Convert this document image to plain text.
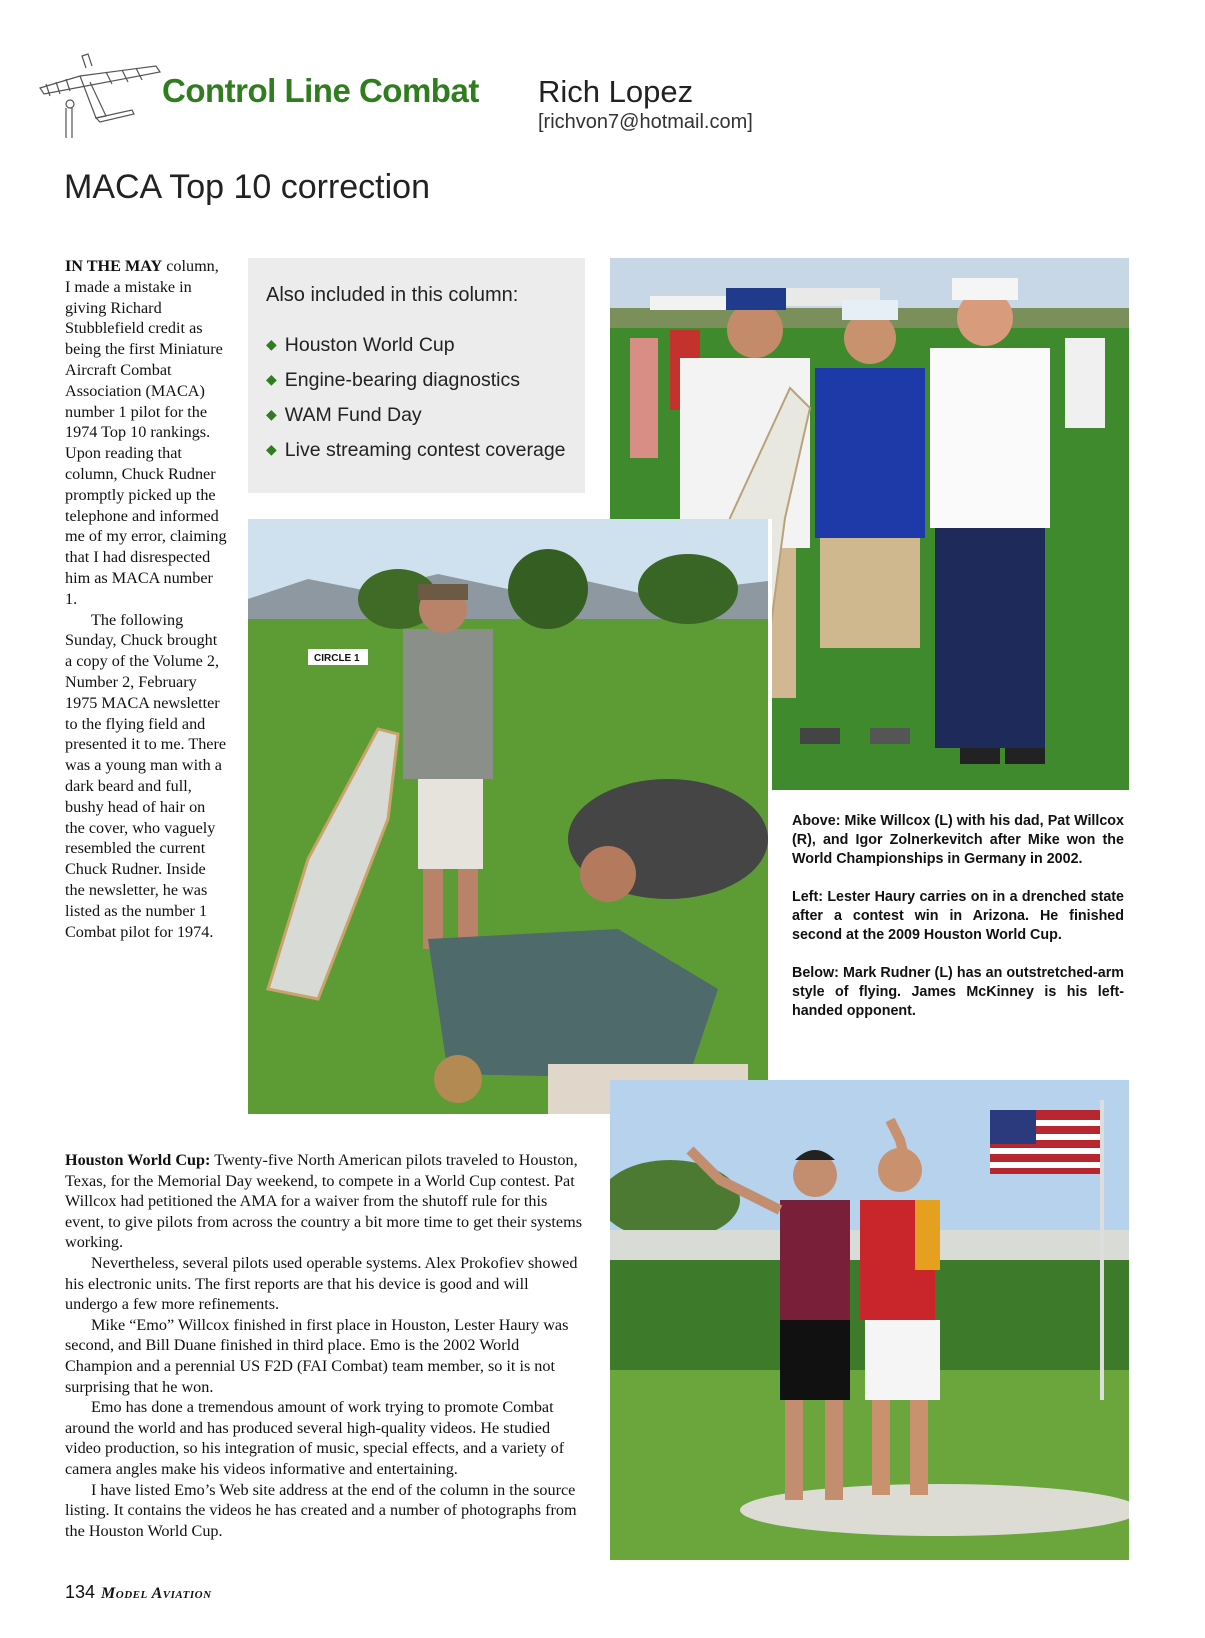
Control Line Combat Rich Lopez
[richvon7@hotmail.com]
MACA Top 10 correction
Also included in this column:
◆ Houston World Cup
◆ Engine-bearing diagnostics
◆ WAM Fund Day
◆ Live streaming contest coverage

IN THE MAY column, I made a mistake in giving Richard Stubblefield credit as being the first Miniature Aircraft Combat Association (MACA) number 1 pilot for the 1974 Top 10 rankings. Upon reading that column, Chuck Rudner promptly picked up the telephone and informed me of my error, claiming that I had disrespected him as MACA number 1.

The following Sunday, Chuck brought a copy of the Volume 2, Number 2, February 1975 MACA newsletter to the flying field and presented it to me. There was a young man with a dark beard and full, bushy head of hair on the cover, who vaguely resembled the current Chuck Rudner. Inside the newsletter, he was listed as the number 1 Combat pilot for 1974.

CIRCLE 1

Above: Mike Willcox (L) with his dad, Pat Willcox (R), and Igor Zolnerkevitch after Mike won the World Championships in Germany in 2002.

Left: Lester Haury carries on in a drenched state after a contest win in Arizona. He finished second at the 2009 Houston World Cup.

Below: Mark Rudner (L) has an outstretched-arm style of flying. James McKinney is his left-handed opponent.

Houston World Cup: Twenty-five North American pilots traveled to Houston, Texas, for the Memorial Day weekend, to compete in a World Cup contest. Pat Willcox had petitioned the AMA for a waiver from the shutoff rule for this event, to give pilots from across the country a bit more time to get their systems working.

Nevertheless, several pilots used operable systems. Alex Prokofiev showed his electronic units. The first reports are that his device is good and will undergo a few more refinements.

Mike “Emo” Willcox finished in first place in Houston, Lester Haury was second, and Bill Duane finished in third place. Emo is the 2002 World Champion and a perennial US F2D (FAI Combat) team member, so it is not surprising that he won.

Emo has done a tremendous amount of work trying to promote Combat around the world and has produced several high-quality videos. He studied video production, so his integration of music, special effects, and a variety of camera angles make his videos informative and entertaining.

I have listed Emo’s Web site address at the end of the column in the source listing. It contains the videos he has created and a number of photographs from the Houston World Cup.

134 Model Aviation
